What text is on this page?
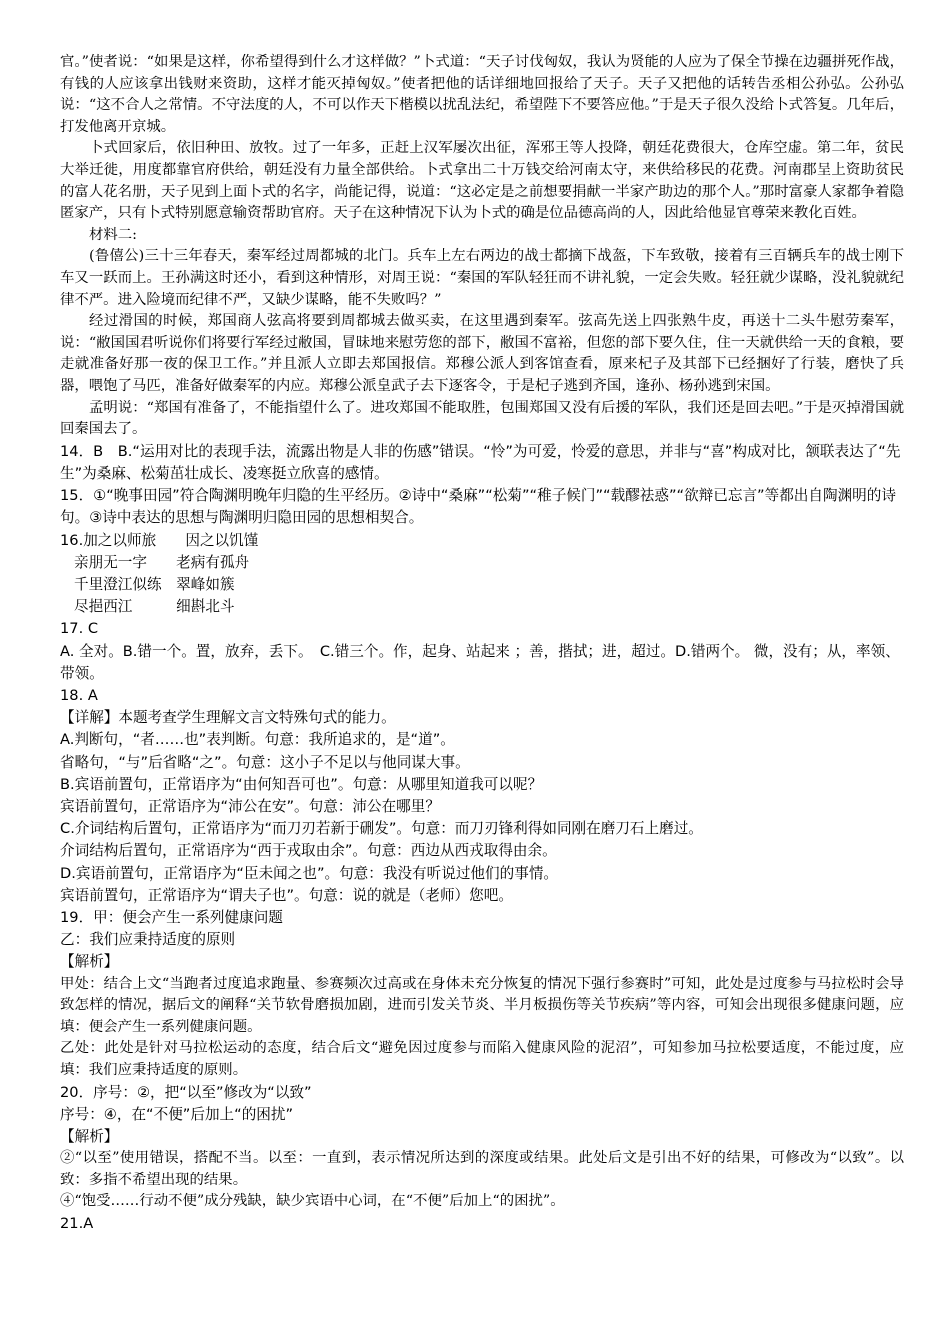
官。”使者说：“如果是这样，你希望得到什么才这样做？”卜式道：“天子讨伐匈奴，我认为贤能的人应为了保全节操在边疆拼死作战，有钱的人应该拿出钱财来资助，这样才能灭掉匈奴。”使者把他的话详细地回报给了天子。天子又把他的话转告丞相公孙弘。公孙弘说：“这不合人之常情。不守法度的人，不可以作天下楷模以扰乱法纪，希望陛下不要答应他。”于是天子很久没给卜式答复。几年后，打发他离开京城。

卜式回家后，依旧种田、放牧。过了一年多，正赶上汉军屡次出征，浑邪王等人投降，朝廷花费很大，仓库空虚。第二年，贫民大举迁徙，用度都靠官府供给，朝廷没有力量全部供给。卜式拿出二十万钱交给河南太守，来供给移民的花费。河南郡呈上资助贫民的富人花名册，天子见到上面卜式的名字，尚能记得，说道：“这必定是之前想要捐献一半家产助边的那个人。”那时富豪人家都争着隐匿家产，只有卜式特别愿意输资帮助官府。天子在这种情况下认为卜式的确是位品德高尚的人，因此给他显官尊荣来教化百姓。

材料二:

(鲁僖公)三十三年春天，秦军经过周都城的北门。兵车上左右两边的战士都摘下战盔，下车致敬，接着有三百辆兵车的战士刚下车又一跃而上。王孙满这时还小，看到这种情形，对周王说：“秦国的军队轻狂而不讲礼貌，一定会失败。轻狂就少谋略，没礼貌就纪律不严。进入险境而纪律不严，又缺少谋略，能不失败吗？”

经过滑国的时候，郑国商人弦高将要到周都城去做买卖，在这里遇到秦军。弦高先送上四张熟牛皮，再送十二头牛慰劳秦军，说：“敝国国君听说你们将要行军经过敝国，冒昧地来慰劳您的部下，敝国不富裕，但您的部下要久住，住一天就供给一天的食粮，要走就准备好那一夜的保卫工作。”并且派人立即去郑国报信。郑穆公派人到客馆查看，原来杞子及其部下已经捆好了行装，磨快了兵器，喂饱了马匹，准备好做秦军的内应。郑穆公派皇武子去下逐客令，于是杞子逃到齐国，逢孙、杨孙逃到宋国。

孟明说：“郑国有准备了，不能指望什么了。进攻郑国不能取胜，包围郑国又没有后援的军队，我们还是回去吧。”于是灭掉滑国就回秦国去了。

14．B　B.“运用对比的表现手法，流露出物是人非的伤感”错误。“怜”为可爱，怜爱的意思，并非与“喜”构成对比，颔联表达了“先生”为桑麻、松菊茁壮成长、凌寒挺立欣喜的感情。

15．①“晚事田园”符合陶渊明晚年归隐的生平经历。②诗中“桑麻”“松菊”“稚子候门”“载醪祛惑”“欲辩已忘言”等都出自陶渊明的诗句。③诗中表达的思想与陶渊明归隐田园的思想相契合。

16.加之以师旅　　因之以饥馑

亲朋无一字　　老病有孤舟

千里澄江似练　翠峰如簇

尽挹西江　　　细斟北斗

17. C

A. 全对。B.错一个。置，放弃，丢下。　C.错三个。作，起身、站起来 ；善，揩拭；进，超过。D.错两个。 微，没有；从，率领、带领。

18. A

【详解】本题考查学生理解文言文特殊句式的能力。

A.判断句，“者……也”表判断。句意：我所追求的，是“道”。

省略句，“与”后省略“之”。句意：这小子不足以与他同谋大事。

B.宾语前置句，正常语序为“由何知吾可也”。句意：从哪里知道我可以呢？

宾语前置句，正常语序为“沛公在安”。句意：沛公在哪里？

C.介词结构后置句，正常语序为“而刀刃若新于硎发”。句意：而刀刃锋利得如同刚在磨刀石上磨过。

介词结构后置句，正常语序为“西于戎取由余”。句意：西边从西戎取得由余。

D.宾语前置句，正常语序为“臣未闻之也”。句意：我没有听说过他们的事情。

宾语前置句，正常语序为“谓夫子也”。句意：说的就是（老师）您吧。

19．甲：便会产生一系列健康问题

乙：我们应秉持适度的原则

【解析】

甲处：结合上文“当跑者过度追求跑量、参赛频次过高或在身体未充分恢复的情况下强行参赛时”可知，此处是过度参与马拉松时会导致怎样的情况，据后文的阐释“关节软骨磨损加剧，进而引发关节炎、半月板损伤等关节疾病”等内容，可知会出现很多健康问题，应填：便会产生一系列健康问题。

乙处：此处是针对马拉松运动的态度，结合后文“避免因过度参与而陷入健康风险的泥沼”，可知参加马拉松要适度，不能过度，应填：我们应秉持适度的原则。

20．序号：②，把“以至”修改为“以致”

序号：④，在“不便”后加上“的困扰”

【解析】

②“以至”使用错误，搭配不当。以至：一直到，表示情况所达到的深度或结果。此处后文是引出不好的结果，可修改为“以致”。以致：多指不希望出现的结果。

④“饱受……行动不便”成分残缺，缺少宾语中心词，在“不便”后加上“的困扰”。

21.A
